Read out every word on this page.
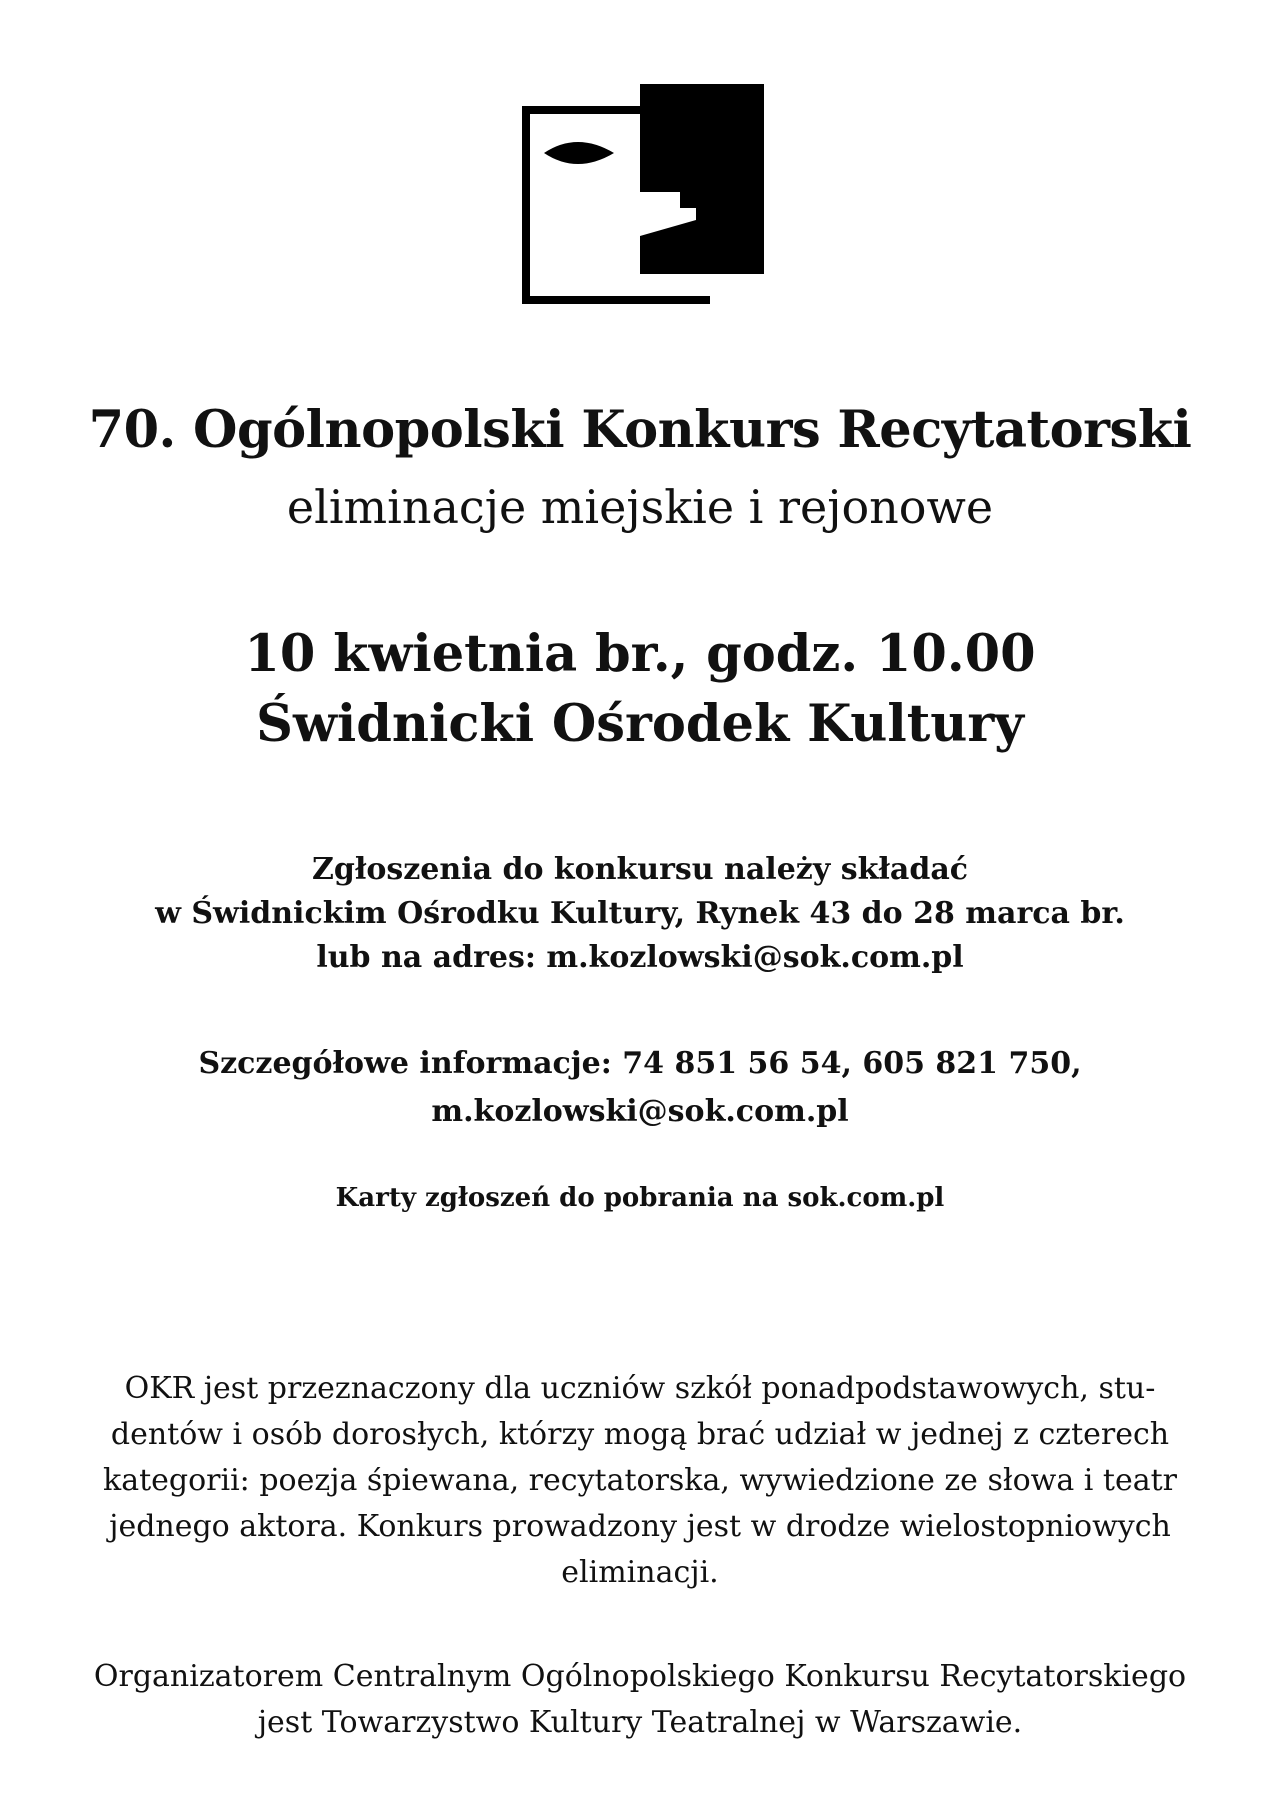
70. Ogólnopolski Konkurs Recytatorski
eliminacje miejskie i rejonowe
10 kwietnia br., godz. 10.00
Świdnicki Ośrodek Kultury
Zgłoszenia do konkursu należy składać
w Świdnickim Ośrodku Kultury, Rynek 43 do 28 marca br.
lub na adres: m.kozlowski@sok.com.pl
Szczegółowe informacje: 74 851 56 54, 605 821 750,
m.kozlowski@sok.com.pl
Karty zgłoszeń do pobrania na sok.com.pl
OKR jest przeznaczony dla uczniów szkół ponadpodstawowych, stu-
dentów i osób dorosłych, którzy mogą brać udział w jednej z czterech
kategorii: poezja śpiewana, recytatorska, wywiedzione ze słowa i teatr
jednego aktora. Konkurs prowadzony jest w drodze wielostopniowych
eliminacji.
Organizatorem Centralnym Ogólnopolskiego Konkursu Recytatorskiego
jest Towarzystwo Kultury Teatralnej w Warszawie.
